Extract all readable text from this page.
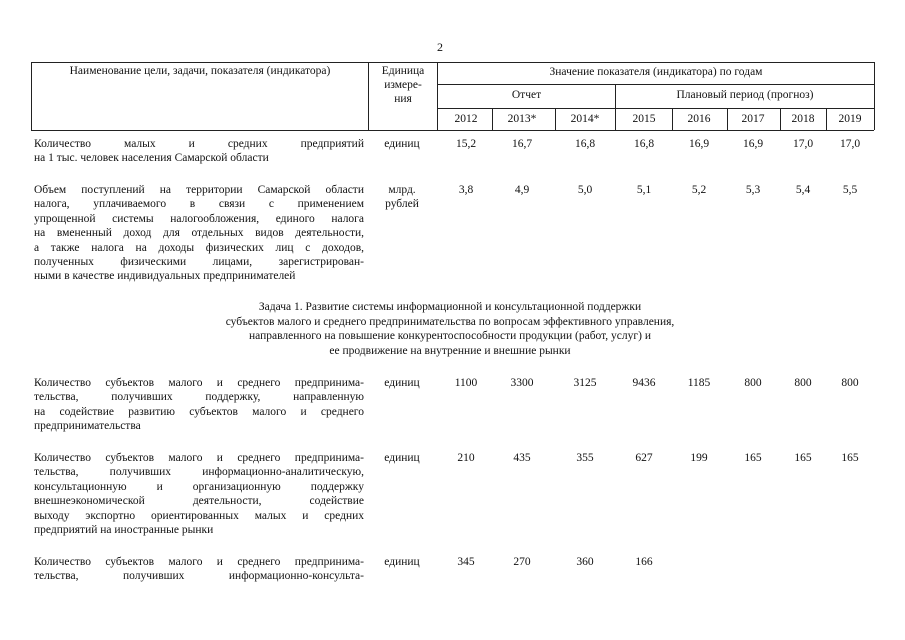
2
Наименование цели, задачи, показателя (индикатора)	Единица
измере-
ния
Значение показателя (индикатора) по годам
Отчет	Плановый период (прогноз)
2012	2013*	2014*	2015	2016	2017	2018	2019
Количество малых и средних предприятий
на 1 тыс. человек населения Самарской области
единиц	15,2	16,7	16,8	16,8	16,9	16,9	17,0	17,0
Объем поступлений на территории Самарской области
налога, уплачиваемого в связи с применением
упрощенной системы налогообложения, единого налога
на вмененный доход для отдельных видов деятельности,
а также налога на доходы физических лиц с доходов,
полученных физическими лицами, зарегистрирован-
ными в качестве индивидуальных предпринимателей
млрд.
рублей
3,8	4,9	5,0	5,1	5,2	5,3	5,4	5,5
Задача 1. Развитие системы информационной и консультационной поддержки
субъектов малого и среднего предпринимательства по вопросам эффективного управления,
направленного на повышение конкурентоспособности продукции (работ, услуг) и
ее продвижение на внутренние и внешние рынки
Количество субъектов малого и среднего предпринима-
тельства, получивших поддержку, направленную
на содействие развитию субъектов малого и среднего
предпринимательства
единиц	1100	3300	3125	9436	1185	800	800	800
Количество субъектов малого и среднего предпринима-
тельства, получивших информационно-аналитическую,
консультационную и организационную поддержку
внешнеэкономической деятельности, содействие
выходу экспортно ориентированных малых и средних
предприятий на иностранные рынки
единиц	210	435	355	627	199	165	165	165
Количество субъектов малого и среднего предпринима-
тельства, получивших информационно-консульта-
единиц	345	270	360	166
